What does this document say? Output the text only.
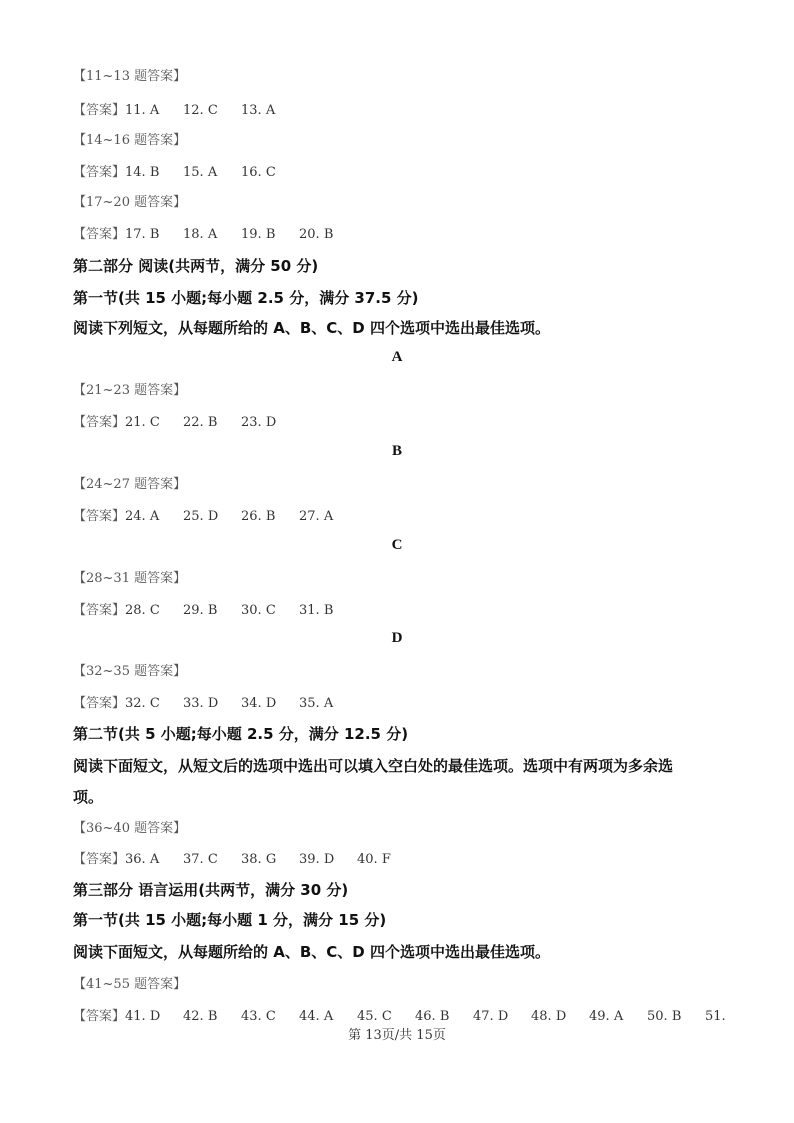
【11~13 题答案】
【答案】11. A 12. C 13. A
【14~16 题答案】
【答案】14. B 15. A 16. C
【17~20 题答案】
【答案】17. B 18. A 19. B 20. B
第二部分 阅读(共两节，满分 50 分)
第一节(共 15 小题;每小题 2.5 分，满分 37.5 分)
阅读下列短文，从每题所给的 A、B、C、D 四个选项中选出最佳选项。
A
【21~23 题答案】
【答案】21. C 22. B 23. D
B
【24~27 题答案】
【答案】24. A 25. D 26. B 27. A
C
【28~31 题答案】
【答案】28. C 29. B 30. C 31. B
D
【32~35 题答案】
【答案】32. C 33. D 34. D 35. A
第二节(共 5 小题;每小题 2.5 分，满分 12.5 分)
阅读下面短文，从短文后的选项中选出可以填入空白处的最佳选项。选项中有两项为多余选
项。
【36~40 题答案】
【答案】36. A 37. C 38. G 39. D 40. F
第三部分 语言运用(共两节，满分 30 分)
第一节(共 15 小题;每小题 1 分，满分 15 分)
阅读下面短文，从每题所给的 A、B、C、D 四个选项中选出最佳选项。
【41~55 题答案】
【答案】41. D 42. B 43. C 44. A 45. C 46. B 47. D 48. D 49. A 50. B 51.
第 13页/共 15页
